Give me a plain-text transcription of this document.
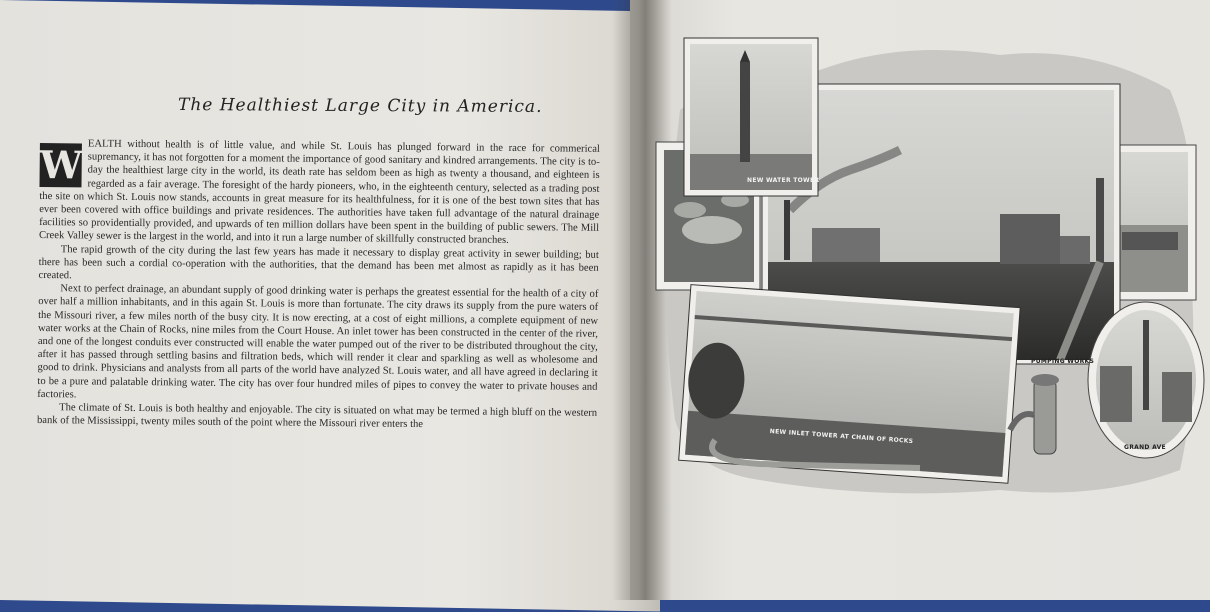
The Healthiest Large City in America.
W EALTH without health is of little value, and while St. Louis has plunged forward in the race for commerical supremancy, it has not forgotten for a moment the importance of good sanitary and kindred arrangements. The city is to-day the healthiest large city in the world, its death rate has seldom been as high as twenty a thousand, and eighteen is regarded as a fair average. The foresight of the hardy pioneers, who, in the eighteenth century, selected as a trading post the site on which St. Louis now stands, accounts in great measure for its healthfulness, for it is one of the best town sites that has ever been covered with office buildings and private residences. The authorities have taken full advantage of the natural drainage facilities so providentially provided, and upwards of ten million dollars have been spent in the building of public sewers. The Mill Creek Valley sewer is the largest in the world, and into it run a large number of skillfully constructed branches.

The rapid growth of the city during the last few years has made it necessary to display great activity in sewer building; but there has been such a cordial co-operation with the authorities, that the demand has been met almost as rapidly as it has been created.

Next to perfect drainage, an abundant supply of good drinking water is perhaps the greatest essential for the health of a city of over half a million inhabitants, and in this again St. Louis is more than fortunate. The city draws its supply from the pure waters of the Missouri river, a few miles north of the busy city. It is now erecting, at a cost of eight millions, a complete equipment of new water works at the Chain of Rocks, nine miles from the Court House. An inlet tower has been constructed in the center of the river, and one of the longest conduits ever constructed will enable the water pumped out of the river to be distributed throughout the city, after it has passed through settling basins and filtration beds, which will render it clear and sparkling as well as wholesome and good to drink. Physicians and analysts from all parts of the world have analyzed St. Louis water, and all have agreed in declaring it to be a pure and palatable drinking water. The city has over four hundred miles of pipes to convey the water to private houses and factories.

The climate of St. Louis is both healthy and enjoyable. The city is situated on what may be termed a high bluff on the western bank of the Mississippi, twenty miles south of the point where the Missouri river enters the

NEW WATER TOWER
PUMPING WORKS
NEW INLET TOWER AT CHAIN OF ROCKS
GRAND AVE
